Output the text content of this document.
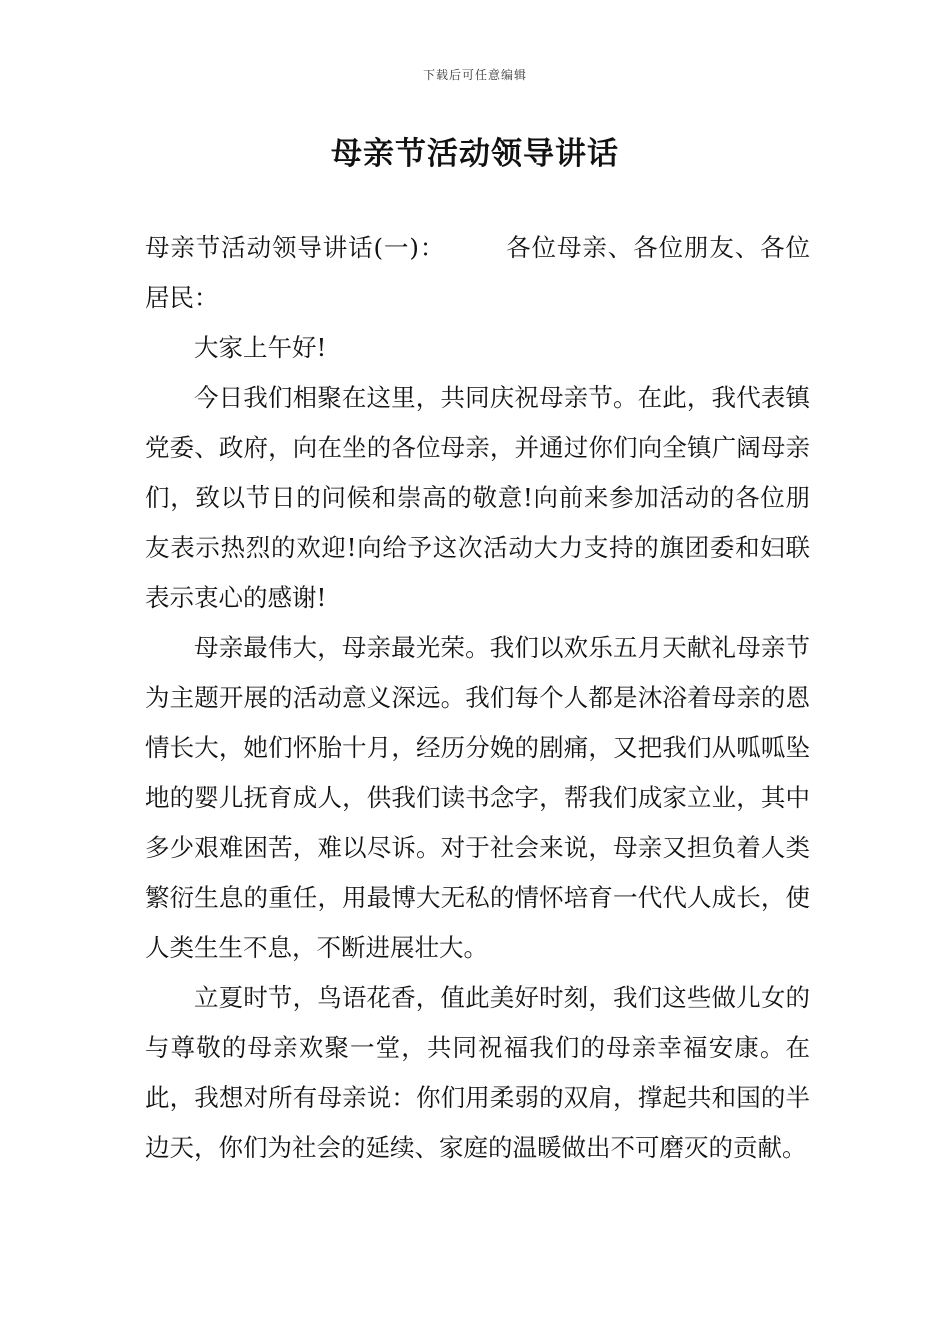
下载后可任意编辑
母亲节活动领导讲话

母亲节活动领导讲话(一)： 各位母亲、各位朋友、各位居民：

大家上午好!

今日我们相聚在这里，共同庆祝母亲节。在此，我代表镇党委、政府，向在坐的各位母亲，并通过你们向全镇广阔母亲们，致以节日的问候和崇高的敬意!向前来参加活动的各位朋友表示热烈的欢迎!向给予这次活动大力支持的旗团委和妇联表示衷心的感谢!

母亲最伟大，母亲最光荣。我们以欢乐五月天献礼母亲节为主题开展的活动意义深远。我们每个人都是沐浴着母亲的恩情长大，她们怀胎十月，经历分娩的剧痛，又把我们从呱呱坠地的婴儿抚育成人，供我们读书念字，帮我们成家立业，其中多少艰难困苦，难以尽诉。对于社会来说，母亲又担负着人类繁衍生息的重任，用最博大无私的情怀培育一代代人成长，使人类生生不息，不断进展壮大。

立夏时节，鸟语花香，值此美好时刻，我们这些做儿女的与尊敬的母亲欢聚一堂，共同祝福我们的母亲幸福安康。在此，我想对所有母亲说：你们用柔弱的双肩，撑起共和国的半边天，你们为社会的延续、家庭的温暖做出不可磨灭的贡献。
